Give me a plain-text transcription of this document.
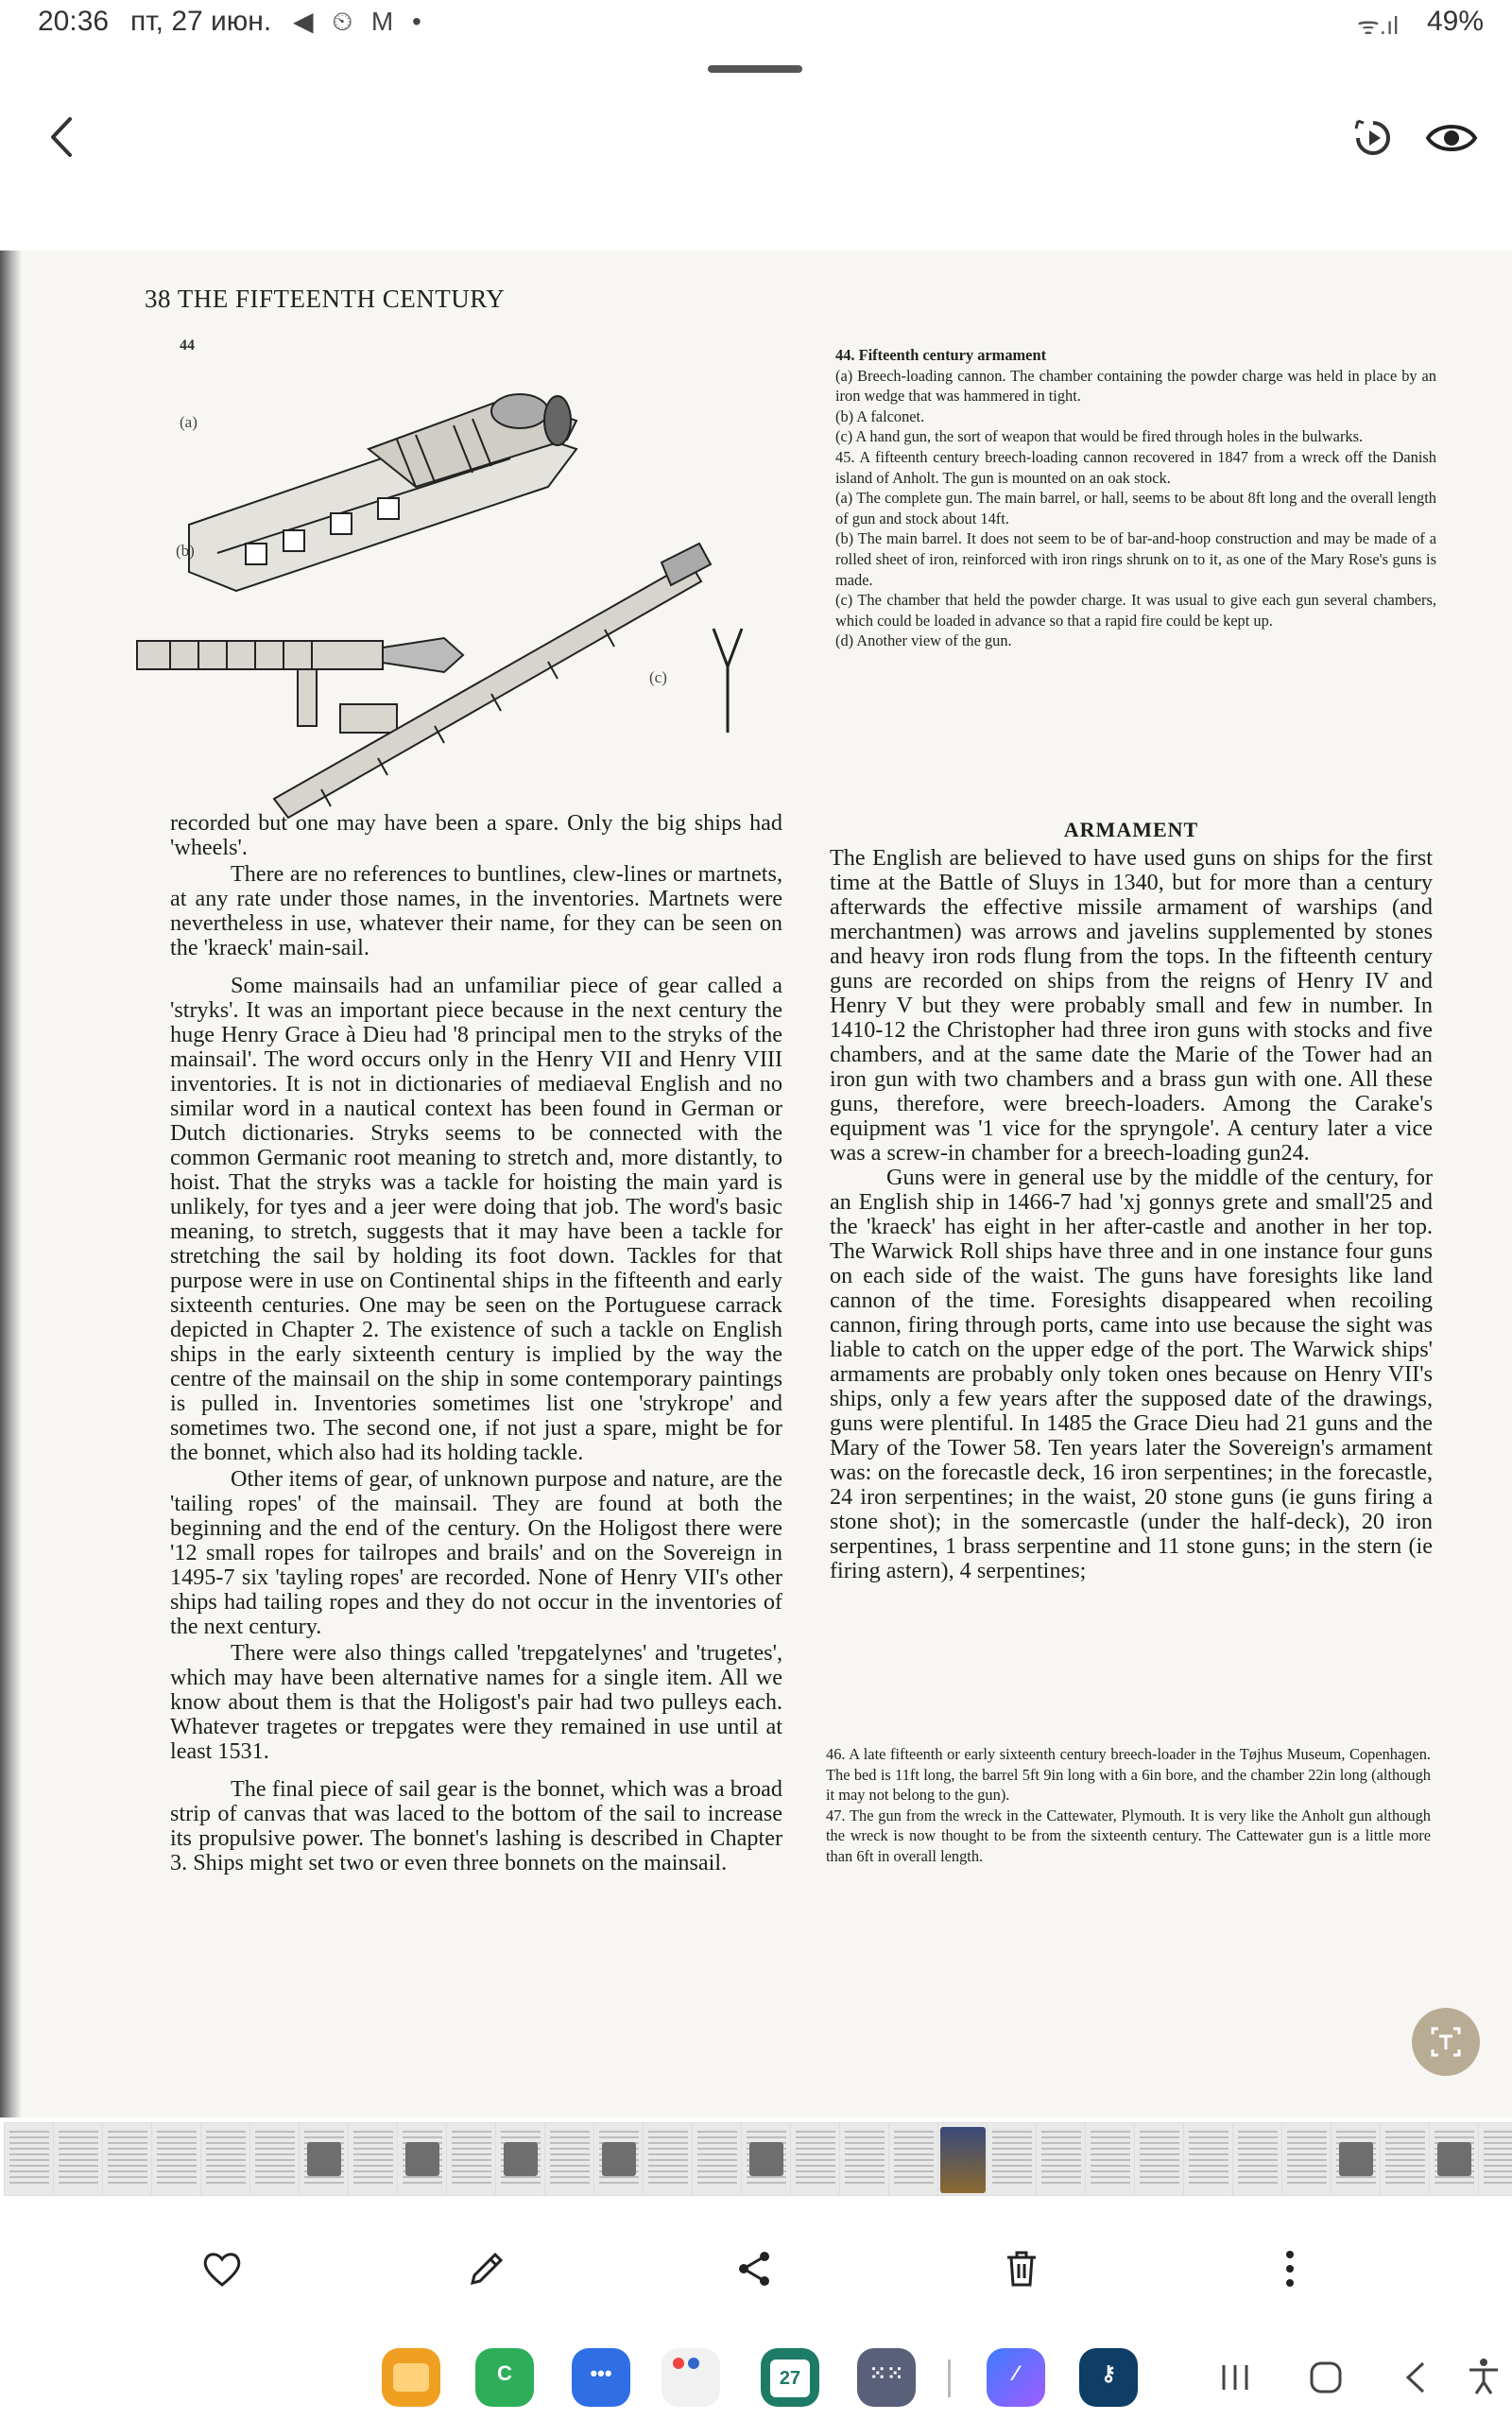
20:36 пт, 27 июн. ◀ ⏲ M •	ᯤ.ıl 49%
38 THE FIFTEENTH CENTURY
44
(a)
(b)
(c)

44. Fifteenth century armament

(a) Breech-loading cannon. The chamber containing the powder charge was held in place by an iron wedge that was hammered in tight.

(b) A falconet.

(c) A hand gun, the sort of weapon that would be fired through holes in the bulwarks.

45. A fifteenth century breech-loading cannon recovered in 1847 from a wreck off the Danish island of Anholt. The gun is mounted on an oak stock.

(a) The complete gun. The main barrel, or hall, seems to be about 8ft long and the overall length of gun and stock about 14ft.

(b) The main barrel. It does not seem to be of bar-and-hoop construction and may be made of a rolled sheet of iron, reinforced with iron rings shrunk on to it, as one of the Mary Rose's guns is made.

(c) The chamber that held the powder charge. It was usual to give each gun several chambers, which could be loaded in advance so that a rapid fire could be kept up.

(d) Another view of the gun.

recorded but one may have been a spare. Only the big ships had 'wheels'.

There are no references to buntlines, clew-lines or martnets, at any rate under those names, in the inventories. Martnets were nevertheless in use, whatever their name, for they can be seen on the 'kraeck' main-sail.

Some mainsails had an unfamiliar piece of gear called a 'stryks'. It was an important piece because in the next century the huge Henry Grace à Dieu had '8 principal men to the stryks of the mainsail'. The word occurs only in the Henry VII and Henry VIII inventories. It is not in dictionaries of mediaeval English and no similar word in a nautical context has been found in German or Dutch dictionaries. Stryks seems to be connected with the common Germanic root meaning to stretch and, more distantly, to hoist. That the stryks was a tackle for hoisting the main yard is unlikely, for tyes and a jeer were doing that job. The word's basic meaning, to stretch, suggests that it may have been a tackle for stretching the sail by holding its foot down. Tackles for that purpose were in use on Continental ships in the fifteenth and early sixteenth centuries. One may be seen on the Portuguese carrack depicted in Chapter 2. The existence of such a tackle on English ships in the early sixteenth century is implied by the way the centre of the mainsail on the ship in some contemporary paintings is pulled in. Inventories sometimes list one 'strykrope' and sometimes two. The second one, if not just a spare, might be for the bonnet, which also had its holding tackle.

Other items of gear, of unknown purpose and nature, are the 'tailing ropes' of the mainsail. They are found at both the beginning and the end of the century. On the Holigost there were '12 small ropes for tailropes and brails' and on the Sovereign in 1495-7 six 'tayling ropes' are recorded. None of Henry VII's other ships had tailing ropes and they do not occur in the inventories of the next century.

There were also things called 'trepgatelynes' and 'trugetes', which may have been alternative names for a single item. All we know about them is that the Holigost's pair had two pulleys each. Whatever tragetes or trepgates were they remained in use until at least 1531.

The final piece of sail gear is the bonnet, which was a broad strip of canvas that was laced to the bottom of the sail to increase its propulsive power. The bonnet's lashing is described in Chapter 3. Ships might set two or even three bonnets on the mainsail.

ARMAMENT

The English are believed to have used guns on ships for the first time at the Battle of Sluys in 1340, but for more than a century afterwards the effective missile armament of warships (and merchantmen) was arrows and javelins supplemented by stones and heavy iron rods flung from the tops. In the fifteenth century guns are recorded on ships from the reigns of Henry IV and Henry V but they were probably small and few in number. In 1410-12 the Christopher had three iron guns with stocks and five chambers, and at the same date the Marie of the Tower had an iron gun with two chambers and a brass gun with one. All these guns, therefore, were breech-loaders. Among the Carake's equipment was '1 vice for the spryngole'. A century later a vice was a screw-in chamber for a breech-loading gun24.

Guns were in general use by the middle of the century, for an English ship in 1466-7 had 'xj gonnys grete and small'25 and the 'kraeck' has eight in her after-castle and another in her top. The Warwick Roll ships have three and in one instance four guns on each side of the waist. The guns have foresights like land cannon of the time. Foresights disappeared when recoiling cannon, firing through ports, came into use because the sight was liable to catch on the upper edge of the port. The Warwick ships' armaments are probably only token ones because on Henry VII's ships, only a few years after the supposed date of the drawings, guns were plentiful. In 1485 the Grace Dieu had 21 guns and the Mary of the Tower 58. Ten years later the Sovereign's armament was: on the forecastle deck, 16 iron serpentines; in the forecastle, 24 iron serpentines; in the waist, 20 stone guns (ie guns firing a stone shot); in the somercastle (under the half-deck), 20 iron serpentines, 1 brass serpentine and 11 stone guns; in the stern (ie firing astern), 4 serpentines;

46. A late fifteenth or early sixteenth century breech-loader in the Tøjhus Museum, Copenhagen. The bed is 11ft long, the barrel 5ft 9in long with a 6in bore, and the chamber 22in long (although it may not belong to the gun).

47. The gun from the wreck in the Cattewater, Plymouth. It is very like the Anholt gun although the wreck is now thought to be from the sixteenth century. The Cattewater gun is a little more than 6ft in overall length.

C	•••	27	⁙⁙	⁄	⚷
